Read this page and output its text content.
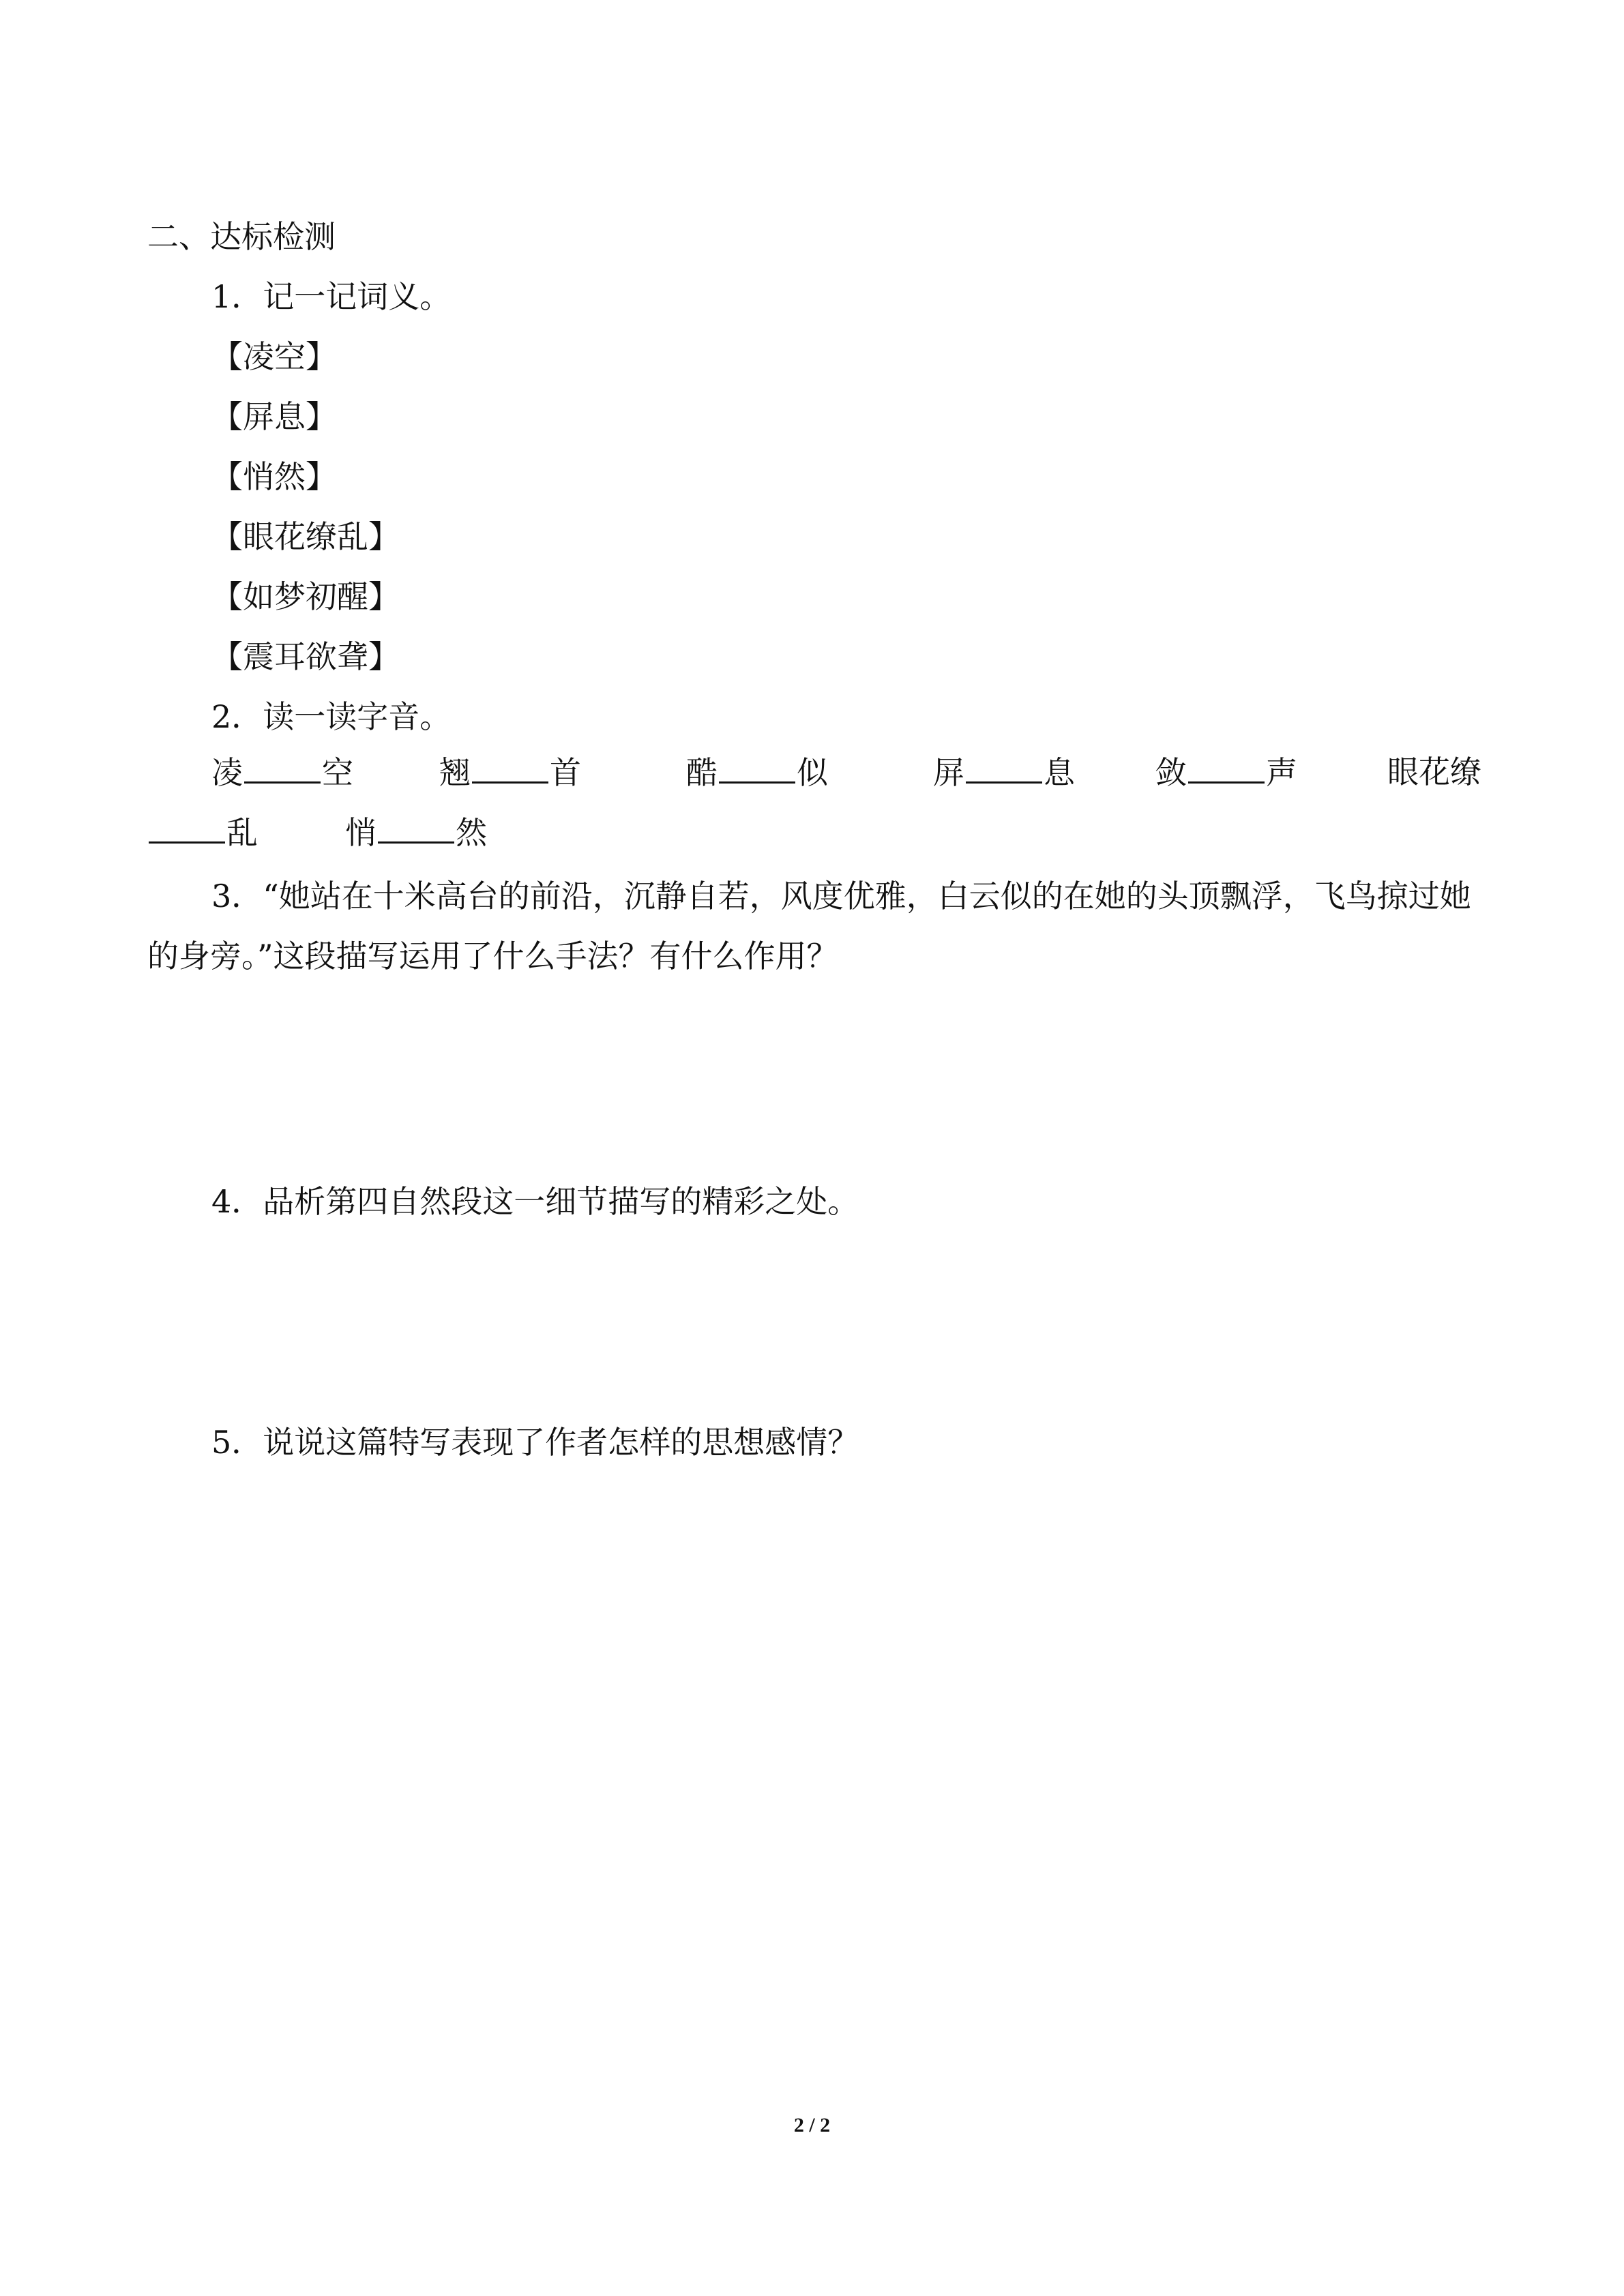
二、达标检测
1．记一记词义。
【凌空】
【屏息】
【悄然】
【眼花缭乱】
【如梦初醒】
【震耳欲聋】
2．读一读字音。
凌	空	翘	首	酷	似	屏	息	敛	声	眼花缭
乱	悄	然
3．“她站在十米高台的前沿，沉静自若，风度优雅，白云似的在她的头顶飘浮，飞鸟掠过她的身旁。”这段描写运用了什么手法？有什么作用？
4．品析第四自然段这一细节描写的精彩之处。
5．说说这篇特写表现了作者怎样的思想感情？
2 / 2
